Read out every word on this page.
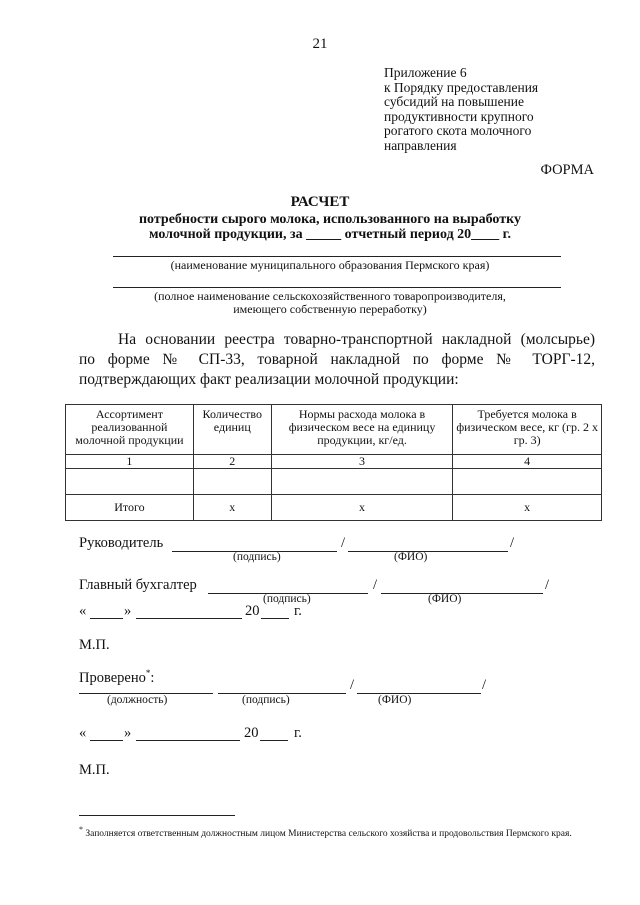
21
Приложение 6
к Порядку предоставления
субсидий на повышение
продуктивности крупного
рогатого скота молочного
направления
ФОРМА
РАСЧЕТ
потребности сырого молока, использованного на выработку
молочной продукции, за _____ отчетный период 20____ г.
(наименование муниципального образования Пермского края)
(полное наименование сельскохозяйственного товаропроизводителя,
имеющего собственную переработку)
На основании реестра товарно-транспортной накладной (молсырье)
по форме № СП-33, товарной накладной по форме № ТОРГ-12,
подтверждающих факт реализации молочной продукции:
Ассортимент реализованной молочной продукции	Количество единиц	Нормы расхода молока в физическом весе на единицу продукции, кг/ед.	Требуется молока в физическом весе, кг (гр. 2 х гр. 3)
1	2	3	4

Итого	х	х	х
Руководитель	/	/
(подпись)	(ФИО)
Главный бухгалтер	/	/
(подпись)	(ФИО)
«	»	20 г.
М.П.
Проверено*:	/	/
(должность)	(подпись)	(ФИО)
«	»	20 г.
М.П.
* Заполняется ответственным должностным лицом Министерства сельского хозяйства и продовольствия Пермского края.
